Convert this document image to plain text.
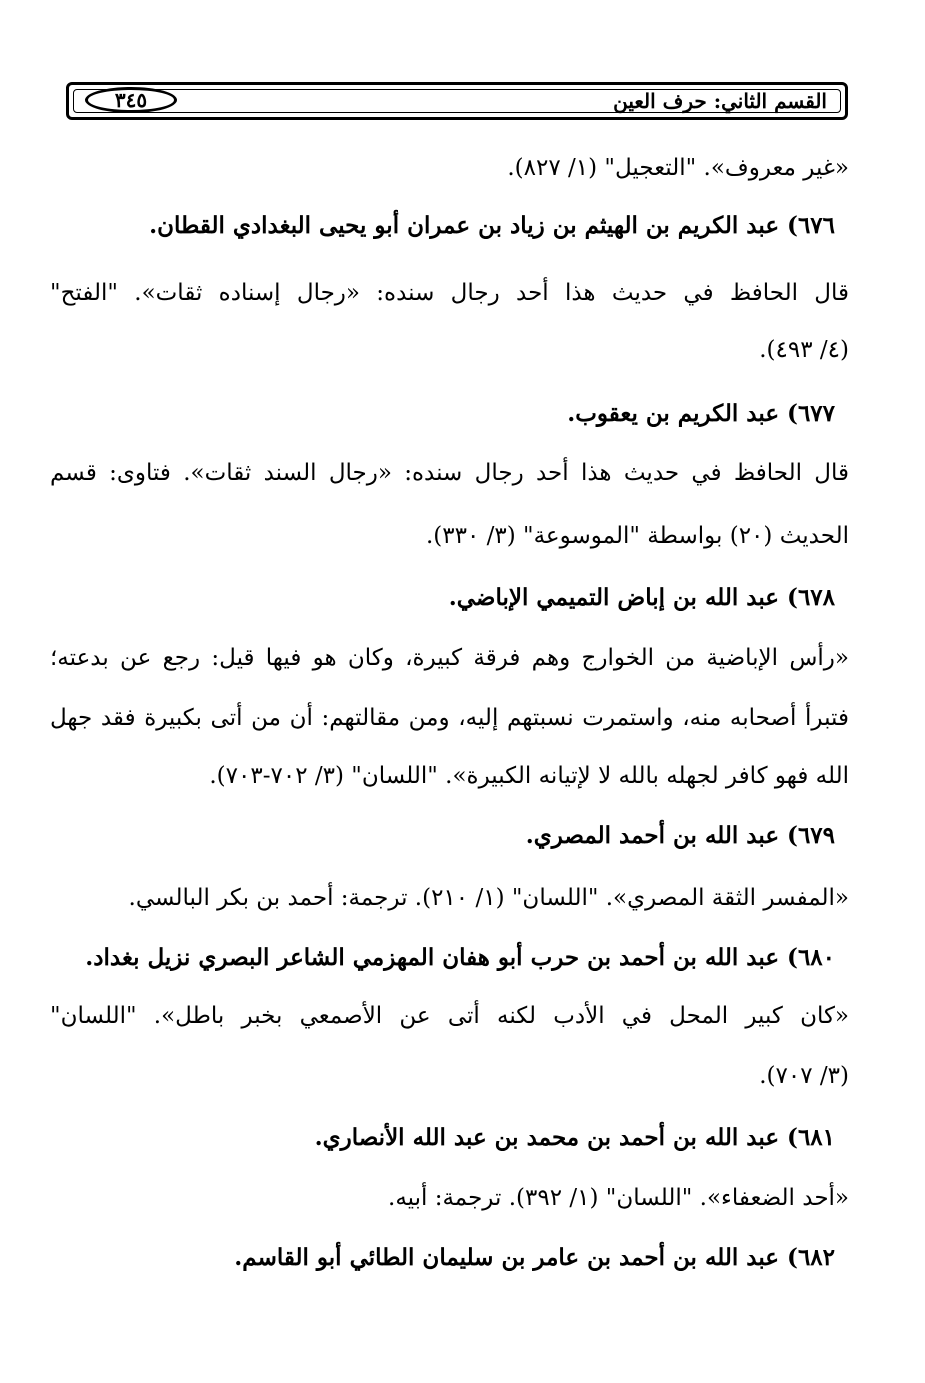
٣٤٥	القسم الثاني: حرف العين
«غير معروف». "التعجيل" (١/ ٨٢٧).
٦٧٦) عبد الكريم بن الهيثم بن زياد بن عمران أبو يحيى البغدادي القطان.
قال الحافظ في حديث هذا أحد رجال سنده: «رجال إسناده ثقات». "الفتح"
(٤/ ٤٩٣).
٦٧٧) عبد الكريم بن يعقوب.
قال الحافظ في حديث هذا أحد رجال سنده: «رجال السند ثقات». فتاوى: قسم
الحديث (٢٠) بواسطة "الموسوعة" (٣/ ٣٣٠).
٦٧٨) عبد الله بن إباض التميمي الإباضي.
«رأس الإباضية من الخوارج وهم فرقة كبيرة، وكان هو فيها قيل: رجع عن بدعته؛
فتبرأ أصحابه منه، واستمرت نسبتهم إليه، ومن مقالتهم: أن من أتى بكبيرة فقد جهل
الله فهو كافر لجهله بالله لا لإتيانه الكبيرة». "اللسان" (٣/ ٧٠٢-٧٠٣).
٦٧٩) عبد الله بن أحمد المصري.
«المفسر الثقة المصري». "اللسان" (١/ ٢١٠). ترجمة: أحمد بن بكر البالسي.
٦٨٠) عبد الله بن أحمد بن حرب أبو هفان المهزمي الشاعر البصري نزيل بغداد.
«كان كبير المحل في الأدب لكنه أتى عن الأصمعي بخبر باطل». "اللسان"
(٣/ ٧٠٧).
٦٨١) عبد الله بن أحمد بن محمد بن عبد الله الأنصاري.
«أحد الضعفاء». "اللسان" (١/ ٣٩٢). ترجمة: أبيه.
٦٨٢) عبد الله بن أحمد بن عامر بن سليمان الطائي أبو القاسم.
